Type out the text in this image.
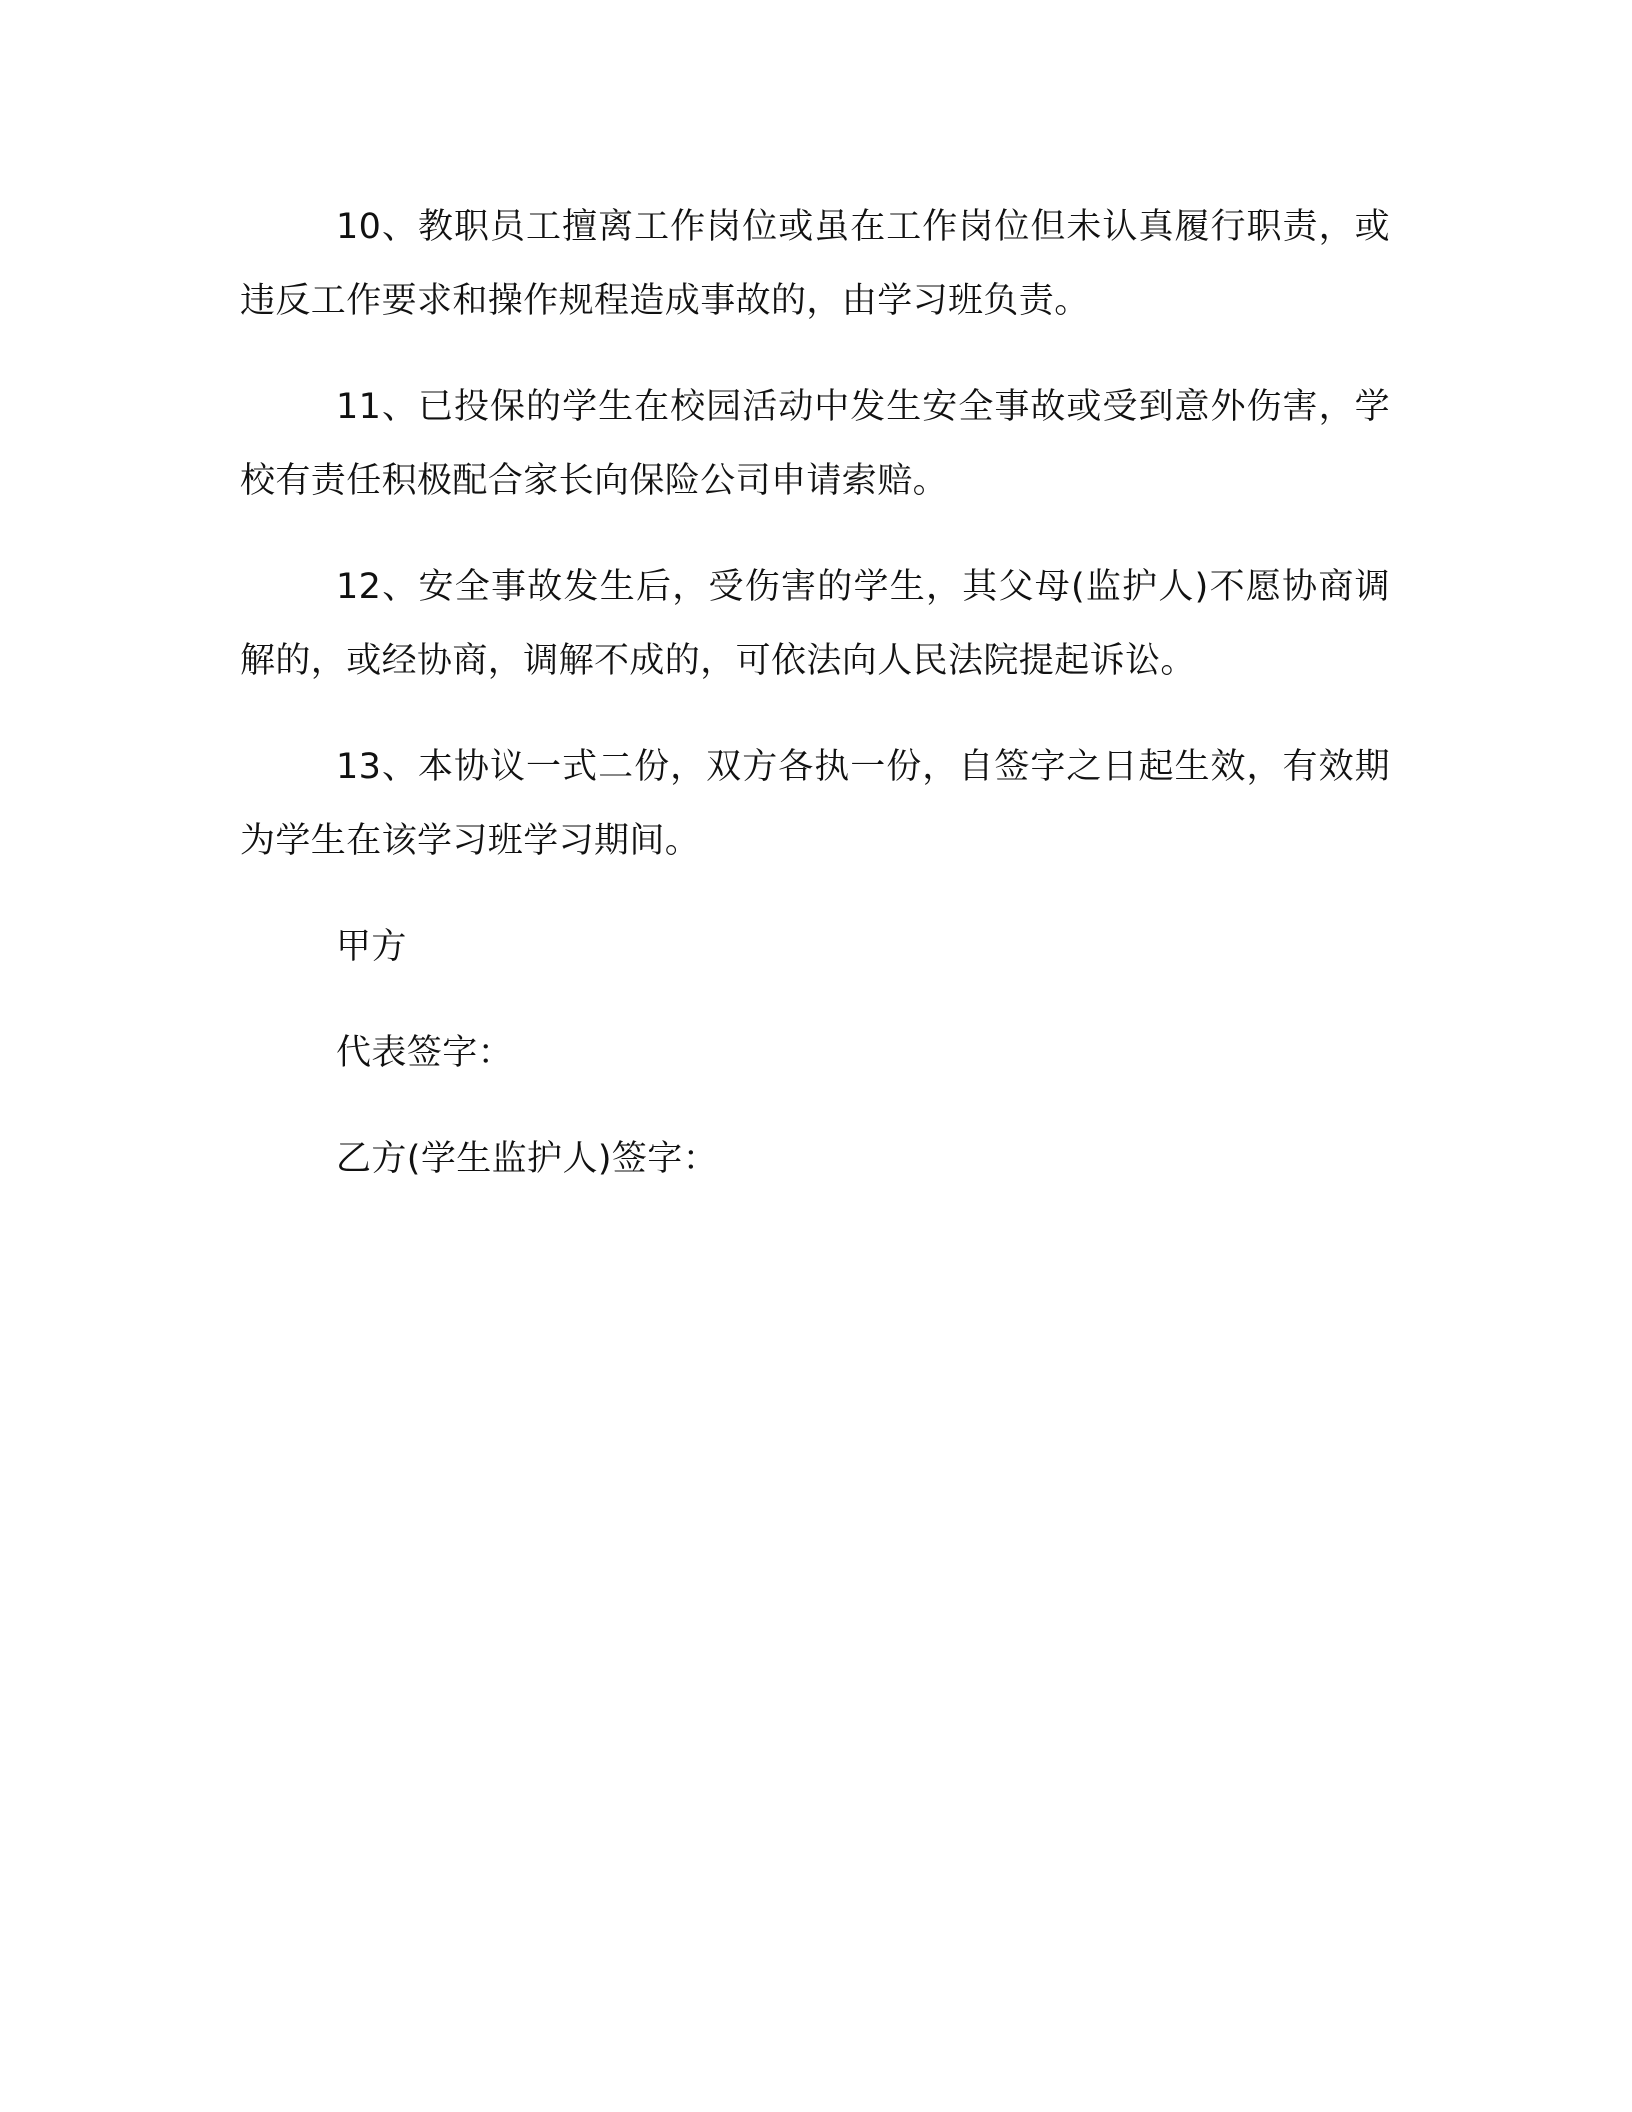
10、教职员工擅离工作岗位或虽在工作岗位但未认真履行职责，或违反工作要求和操作规程造成事故的，由学习班负责。

11、已投保的学生在校园活动中发生安全事故或受到意外伤害，学校有责任积极配合家长向保险公司申请索赔。

12、安全事故发生后，受伤害的学生，其父母(监护人)不愿协商调解的，或经协商，调解不成的，可依法向人民法院提起诉讼。

13、本协议一式二份，双方各执一份，自签字之日起生效，有效期为学生在该学习班学习期间。

甲方
代表签字：
乙方(学生监护人)签字：
